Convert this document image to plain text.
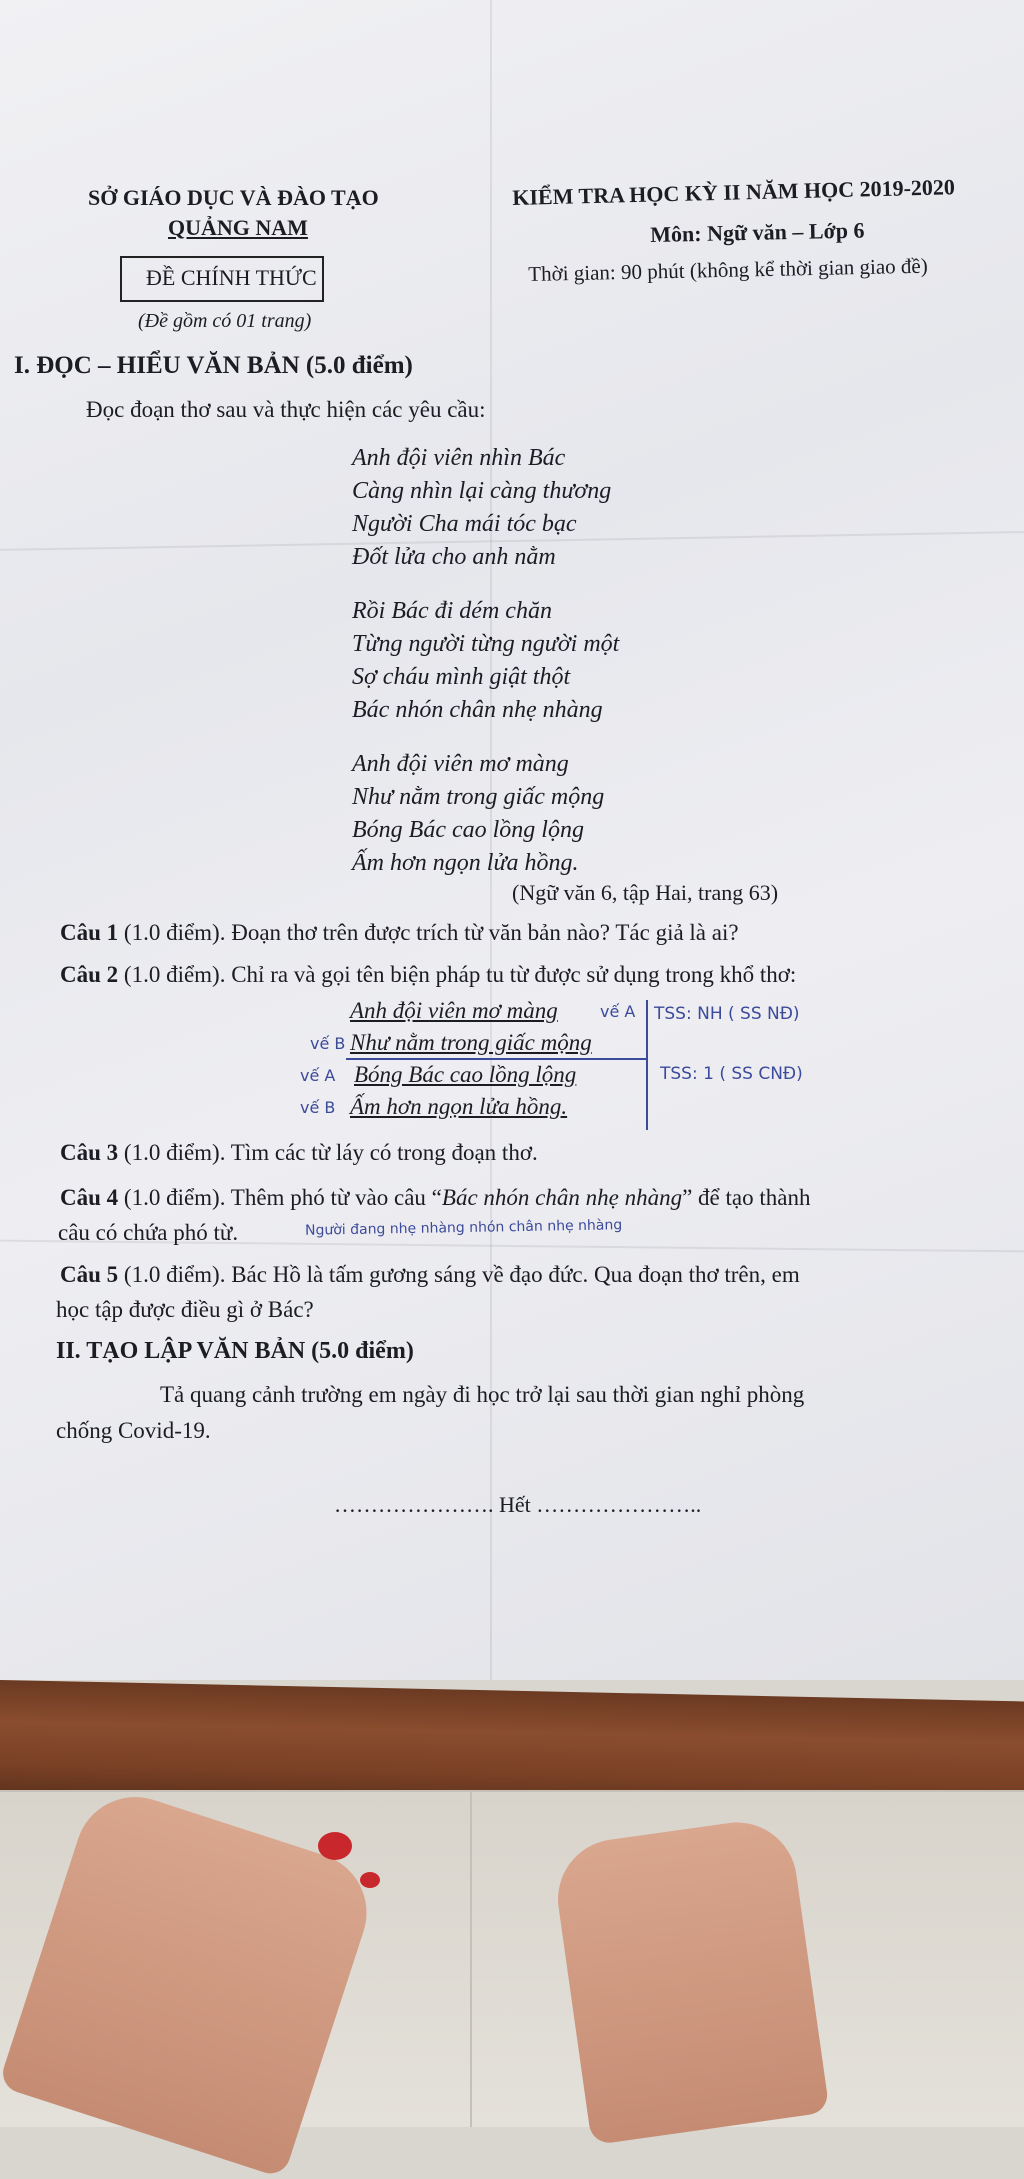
SỞ GIÁO DỤC VÀ ĐÀO TẠO
QUẢNG NAM
ĐỀ CHÍNH THỨC
(Đề gồm có 01 trang)
KIỂM TRA HỌC KỲ II NĂM HỌC 2019-2020
Môn: Ngữ văn – Lớp 6
Thời gian: 90 phút (không kể thời gian giao đề)
I. ĐỌC – HIỂU VĂN BẢN (5.0 điểm)
Đọc đoạn thơ sau và thực hiện các yêu cầu:
Anh đội viên nhìn Bác
Càng nhìn lại càng thương
Người Cha mái tóc bạc
Đốt lửa cho anh nằm
Rồi Bác đi dém chăn
Từng người từng người một
Sợ cháu mình giật thột
Bác nhón chân nhẹ nhàng
Anh đội viên mơ màng
Như nằm trong giấc mộng
Bóng Bác cao lồng lộng
Ấm hơn ngọn lửa hồng.
(Ngữ văn 6, tập Hai, trang 63)
Câu 1 (1.0 điểm). Đoạn thơ trên được trích từ văn bản nào? Tác giả là ai?
Câu 2 (1.0 điểm). Chỉ ra và gọi tên biện pháp tu từ được sử dụng trong khổ thơ:
Anh đội viên mơ màng
Như nằm trong giấc mộng
Bóng Bác cao lồng lộng
Ấm hơn ngọn lửa hồng.
vế A
vế B
vế A
vế B
TSS: NH ( SS NĐ)
TSS: 1 ( SS CNĐ)
Câu 3 (1.0 điểm). Tìm các từ láy có trong đoạn thơ.
Câu 4 (1.0 điểm). Thêm phó từ vào câu “Bác nhón chân nhẹ nhàng” để tạo thành
câu có chứa phó từ.	Người đang nhẹ nhàng nhón chân nhẹ nhàng
Câu 5 (1.0 điểm). Bác Hồ là tấm gương sáng về đạo đức. Qua đoạn thơ trên, em
học tập được điều gì ở Bác?
II. TẠO LẬP VĂN BẢN (5.0 điểm)
Tả quang cảnh trường em ngày đi học trở lại sau thời gian nghỉ phòng
chống Covid-19.
…………………. Hết …………………..
